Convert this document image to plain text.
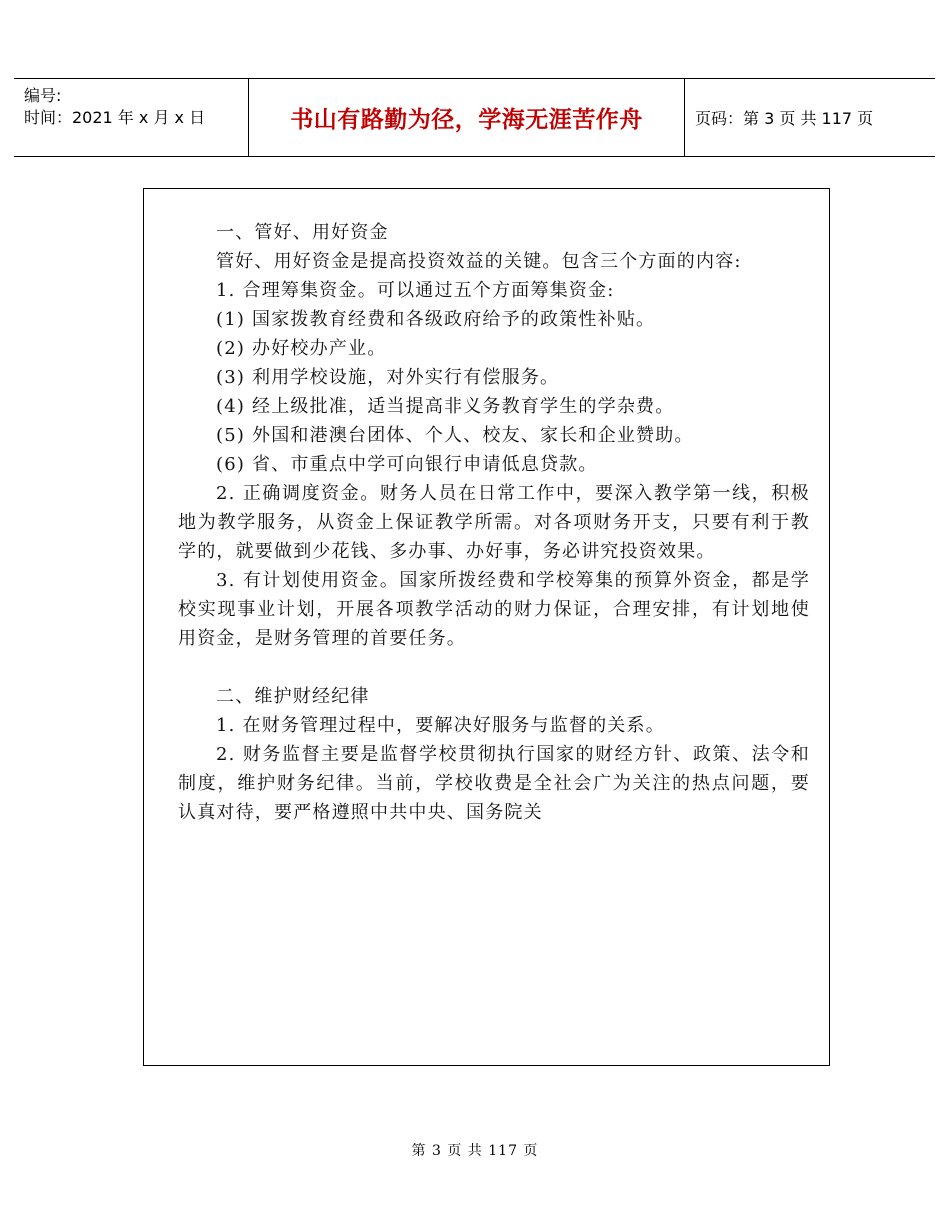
编号:
时间：2021 年 x 月 x 日	书山有路勤为径，学海无涯苦作舟	页码：第 3 页 共 117 页

一、管好、用好资金

管好、用好资金是提高投资效益的关键。包含三个方面的内容:

1. 合理筹集资金。可以通过五个方面筹集资金:

(1) 国家拨教育经费和各级政府给予的政策性补贴。

(2) 办好校办产业。

(3) 利用学校设施，对外实行有偿服务。

(4) 经上级批准，适当提高非义务教育学生的学杂费。

(5) 外国和港澳台团体、个人、校友、家长和企业赞助。

(6) 省、市重点中学可向银行申请低息贷款。

2. 正确调度资金。财务人员在日常工作中，要深入教学第一线，积极地为教学服务，从资金上保证教学所需。对各项财务开支，只要有利于教学的，就要做到少花钱、多办事、办好事，务必讲究投资效果。

3. 有计划使用资金。国家所拨经费和学校筹集的预算外资金，都是学校实现事业计划，开展各项教学活动的财力保证，合理安排，有计划地使用资金，是财务管理的首要任务。

二、维护财经纪律

1. 在财务管理过程中，要解决好服务与监督的关系。

2. 财务监督主要是监督学校贯彻执行国家的财经方针、政策、法令和制度，维护财务纪律。当前，学校收费是全社会广为关注的热点问题，要认真对待，要严格遵照中共中央、国务院关

第 3 页 共 117 页
